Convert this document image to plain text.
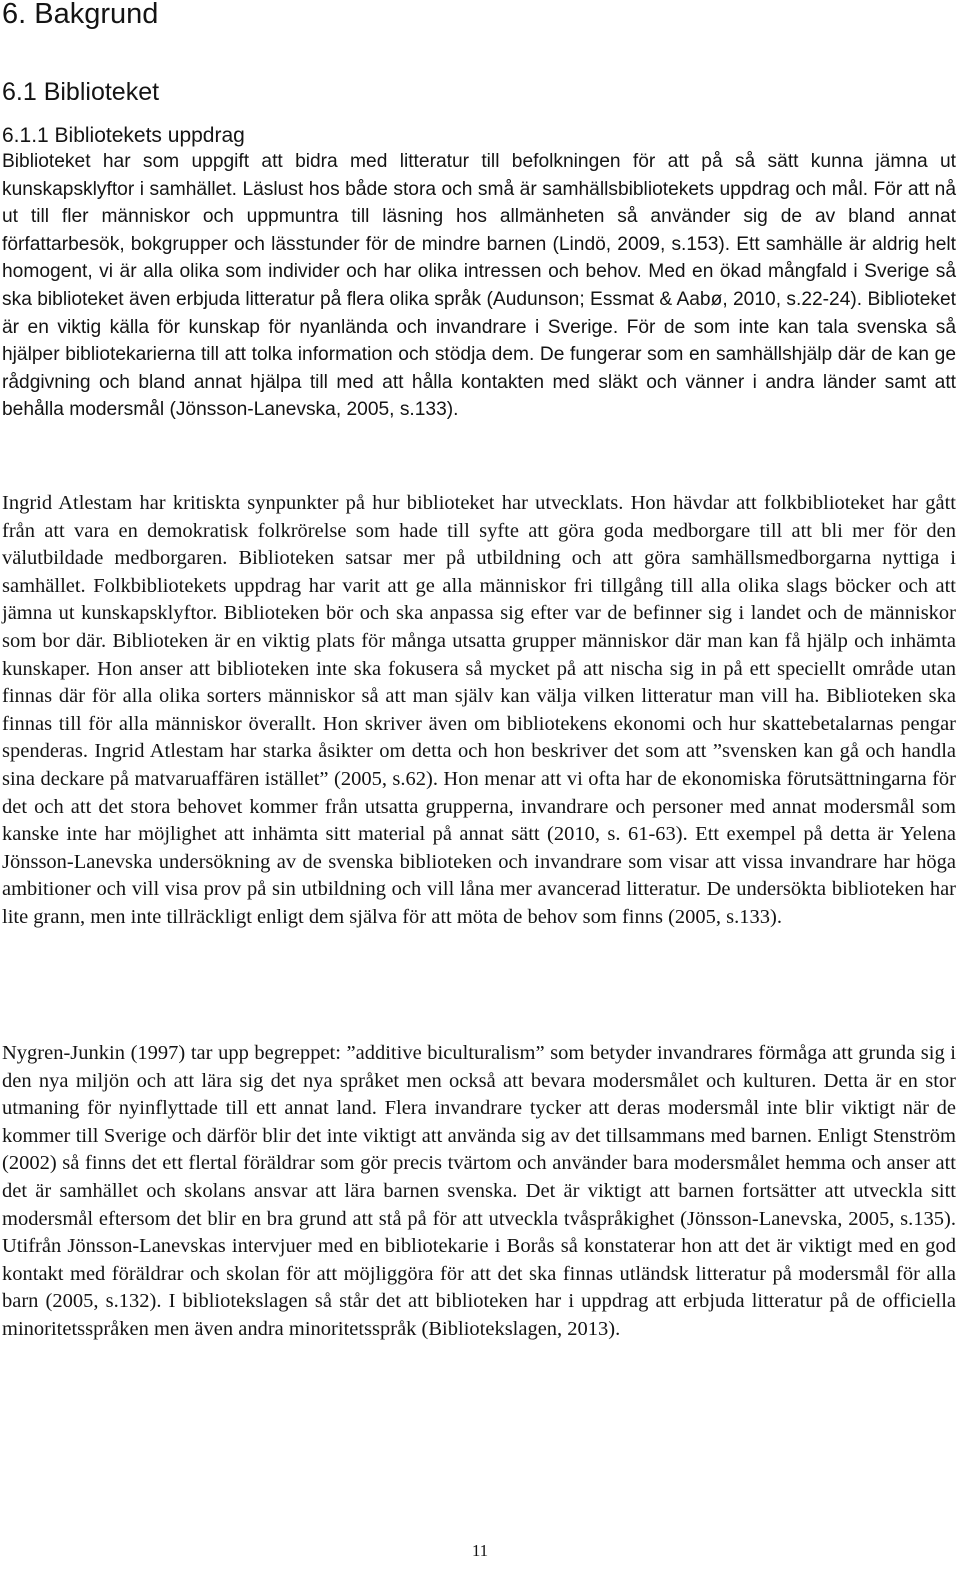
6. Bakgrund
6.1 Biblioteket
6.1.1 Bibliotekets uppdrag

Biblioteket har som uppgift att bidra med litteratur till befolkningen för att på så sätt kunna jämna ut kunskapsklyftor i samhället. Läslust hos både stora och små är samhällsbibliotekets uppdrag och mål. För att nå ut till fler människor och uppmuntra till läsning hos allmänheten så använder sig de av bland annat författarbesök, bokgrupper och lässtunder för de mindre barnen (Lindö, 2009, s.153). Ett samhälle är aldrig helt homogent, vi är alla olika som individer och har olika intressen och behov. Med en ökad mångfald i Sverige så ska biblioteket även erbjuda litteratur på flera olika språk (Audunson; Essmat & Aabø, 2010, s.22-24). Biblioteket är en viktig källa för kunskap för nyanlända och invandrare i Sverige. För de som inte kan tala svenska så hjälper bibliotekarierna till att tolka information och stödja dem. De fungerar som en samhällshjälp där de kan ge rådgivning och bland annat hjälpa till med att hålla kontakten med släkt och vänner i andra länder samt att behålla modersmål (Jönsson-Lanevska, 2005, s.133).

Ingrid Atlestam har kritiskta synpunkter på hur biblioteket har utvecklats. Hon hävdar att folkbiblioteket har gått från att vara en demokratisk folkrörelse som hade till syfte att göra goda medborgare till att bli mer för den välutbildade medborgaren. Biblioteken satsar mer på utbildning och att göra samhällsmedborgarna nyttiga i samhället. Folkbibliotekets uppdrag har varit att ge alla människor fri tillgång till alla olika slags böcker och att jämna ut kunskapsklyftor. Biblioteken bör och ska anpassa sig efter var de befinner sig i landet och de människor som bor där. Biblioteken är en viktig plats för många utsatta grupper människor där man kan få hjälp och inhämta kunskaper. Hon anser att biblioteken inte ska fokusera så mycket på att nischa sig in på ett speciellt område utan finnas där för alla olika sorters människor så att man själv kan välja vilken litteratur man vill ha. Biblioteken ska finnas till för alla människor överallt. Hon skriver även om bibliotekens ekonomi och hur skattebetalarnas pengar spenderas. Ingrid Atlestam har starka åsikter om detta och hon beskriver det som att ”svensken kan gå och handla sina deckare på matvaruaffären istället” (2005, s.62). Hon menar att vi ofta har de ekonomiska förutsättningarna för det och att det stora behovet kommer från utsatta grupperna, invandrare och personer med annat modersmål som kanske inte har möjlighet att inhämta sitt material på annat sätt (2010, s. 61-63). Ett exempel på detta är Yelena Jönsson-Lanevska undersökning av de svenska biblioteken och invandrare som visar att vissa invandrare har höga ambitioner och vill visa prov på sin utbildning och vill låna mer avancerad litteratur. De undersökta biblioteken har lite grann, men inte tillräckligt enligt dem själva för att möta de behov som finns (2005, s.133).

Nygren-Junkin (1997) tar upp begreppet: ”additive biculturalism” som betyder invandrares förmåga att grunda sig i den nya miljön och att lära sig det nya språket men också att bevara modersmålet och kulturen. Detta är en stor utmaning för nyinflyttade till ett annat land. Flera invandrare tycker att deras modersmål inte blir viktigt när de kommer till Sverige och därför blir det inte viktigt att använda sig av det tillsammans med barnen. Enligt Stenström (2002) så finns det ett flertal föräldrar som gör precis tvärtom och använder bara modersmålet hemma och anser att det är samhället och skolans ansvar att lära barnen svenska. Det är viktigt att barnen fortsätter att utveckla sitt modersmål eftersom det blir en bra grund att stå på för att utveckla tvåspråkighet (Jönsson-Lanevska, 2005, s.135). Utifrån Jönsson-Lanevskas intervjuer med en bibliotekarie i Borås så konstaterar hon att det är viktigt med en god kontakt med föräldrar och skolan för att möjliggöra för att det ska finnas utländsk litteratur på modersmål för alla barn (2005, s.132). I bibliotekslagen så står det att biblioteken har i uppdrag att erbjuda litteratur på de officiella minoritetsspråken men även andra minoritetsspråk (Bibliotekslagen, 2013).

11
